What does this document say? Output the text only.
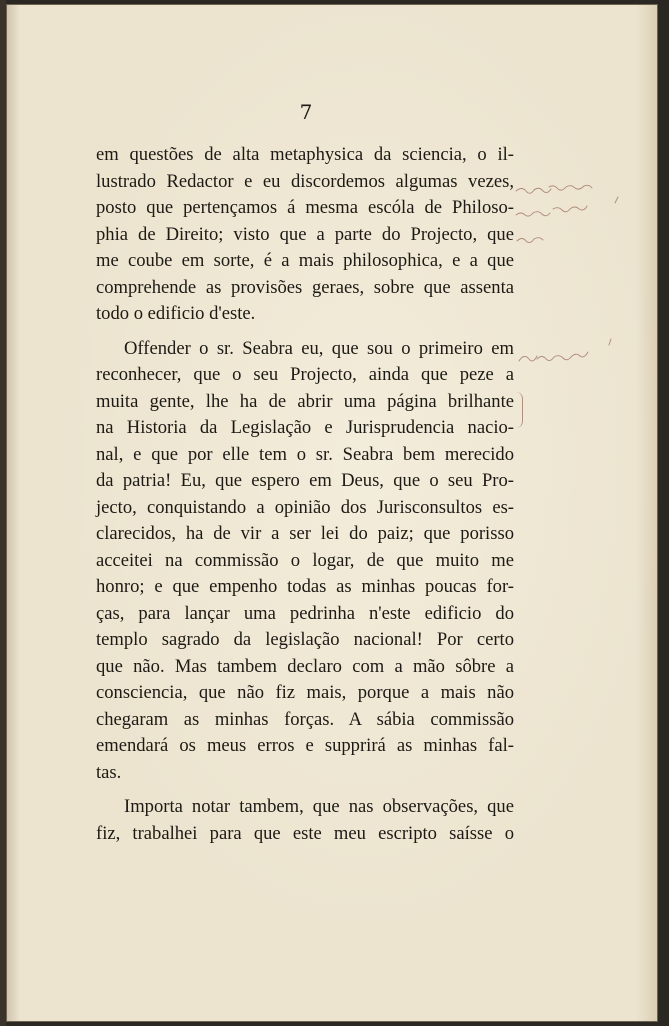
7
em questões de alta metaphysica da sciencia, o il-
lustrado Redactor e eu discordemos algumas vezes,
posto que pertençamos á mesma escóla de Philoso-
phia de Direito; visto que a parte do Projecto, que
me coube em sorte, é a mais philosophica, e a que
comprehende as provisões geraes, sobre que assenta
todo o edificio d'este.
Offender o sr. Seabra eu, que sou o primeiro em
reconhecer, que o seu Projecto, ainda que peze a
muita gente, lhe ha de abrir uma página brilhante
na Historia da Legislação e Jurisprudencia nacio-
nal, e que por elle tem o sr. Seabra bem merecido
da patria! Eu, que espero em Deus, que o seu Pro-
jecto, conquistando a opinião dos Jurisconsultos es-
clarecidos, ha de vir a ser lei do paiz; que porisso
acceitei na commissão o logar, de que muito me
honro; e que empenho todas as minhas poucas for-
ças, para lançar uma pedrinha n'este edificio do
templo sagrado da legislação nacional! Por certo
que não. Mas tambem declaro com a mão sôbre a
consciencia, que não fiz mais, porque a mais não
chegaram as minhas forças. A sábia commissão
emendará os meus erros e supprirá as minhas fal-
tas.
Importa notar tambem, que nas observações, que
fiz, trabalhei para que este meu escripto saísse o
